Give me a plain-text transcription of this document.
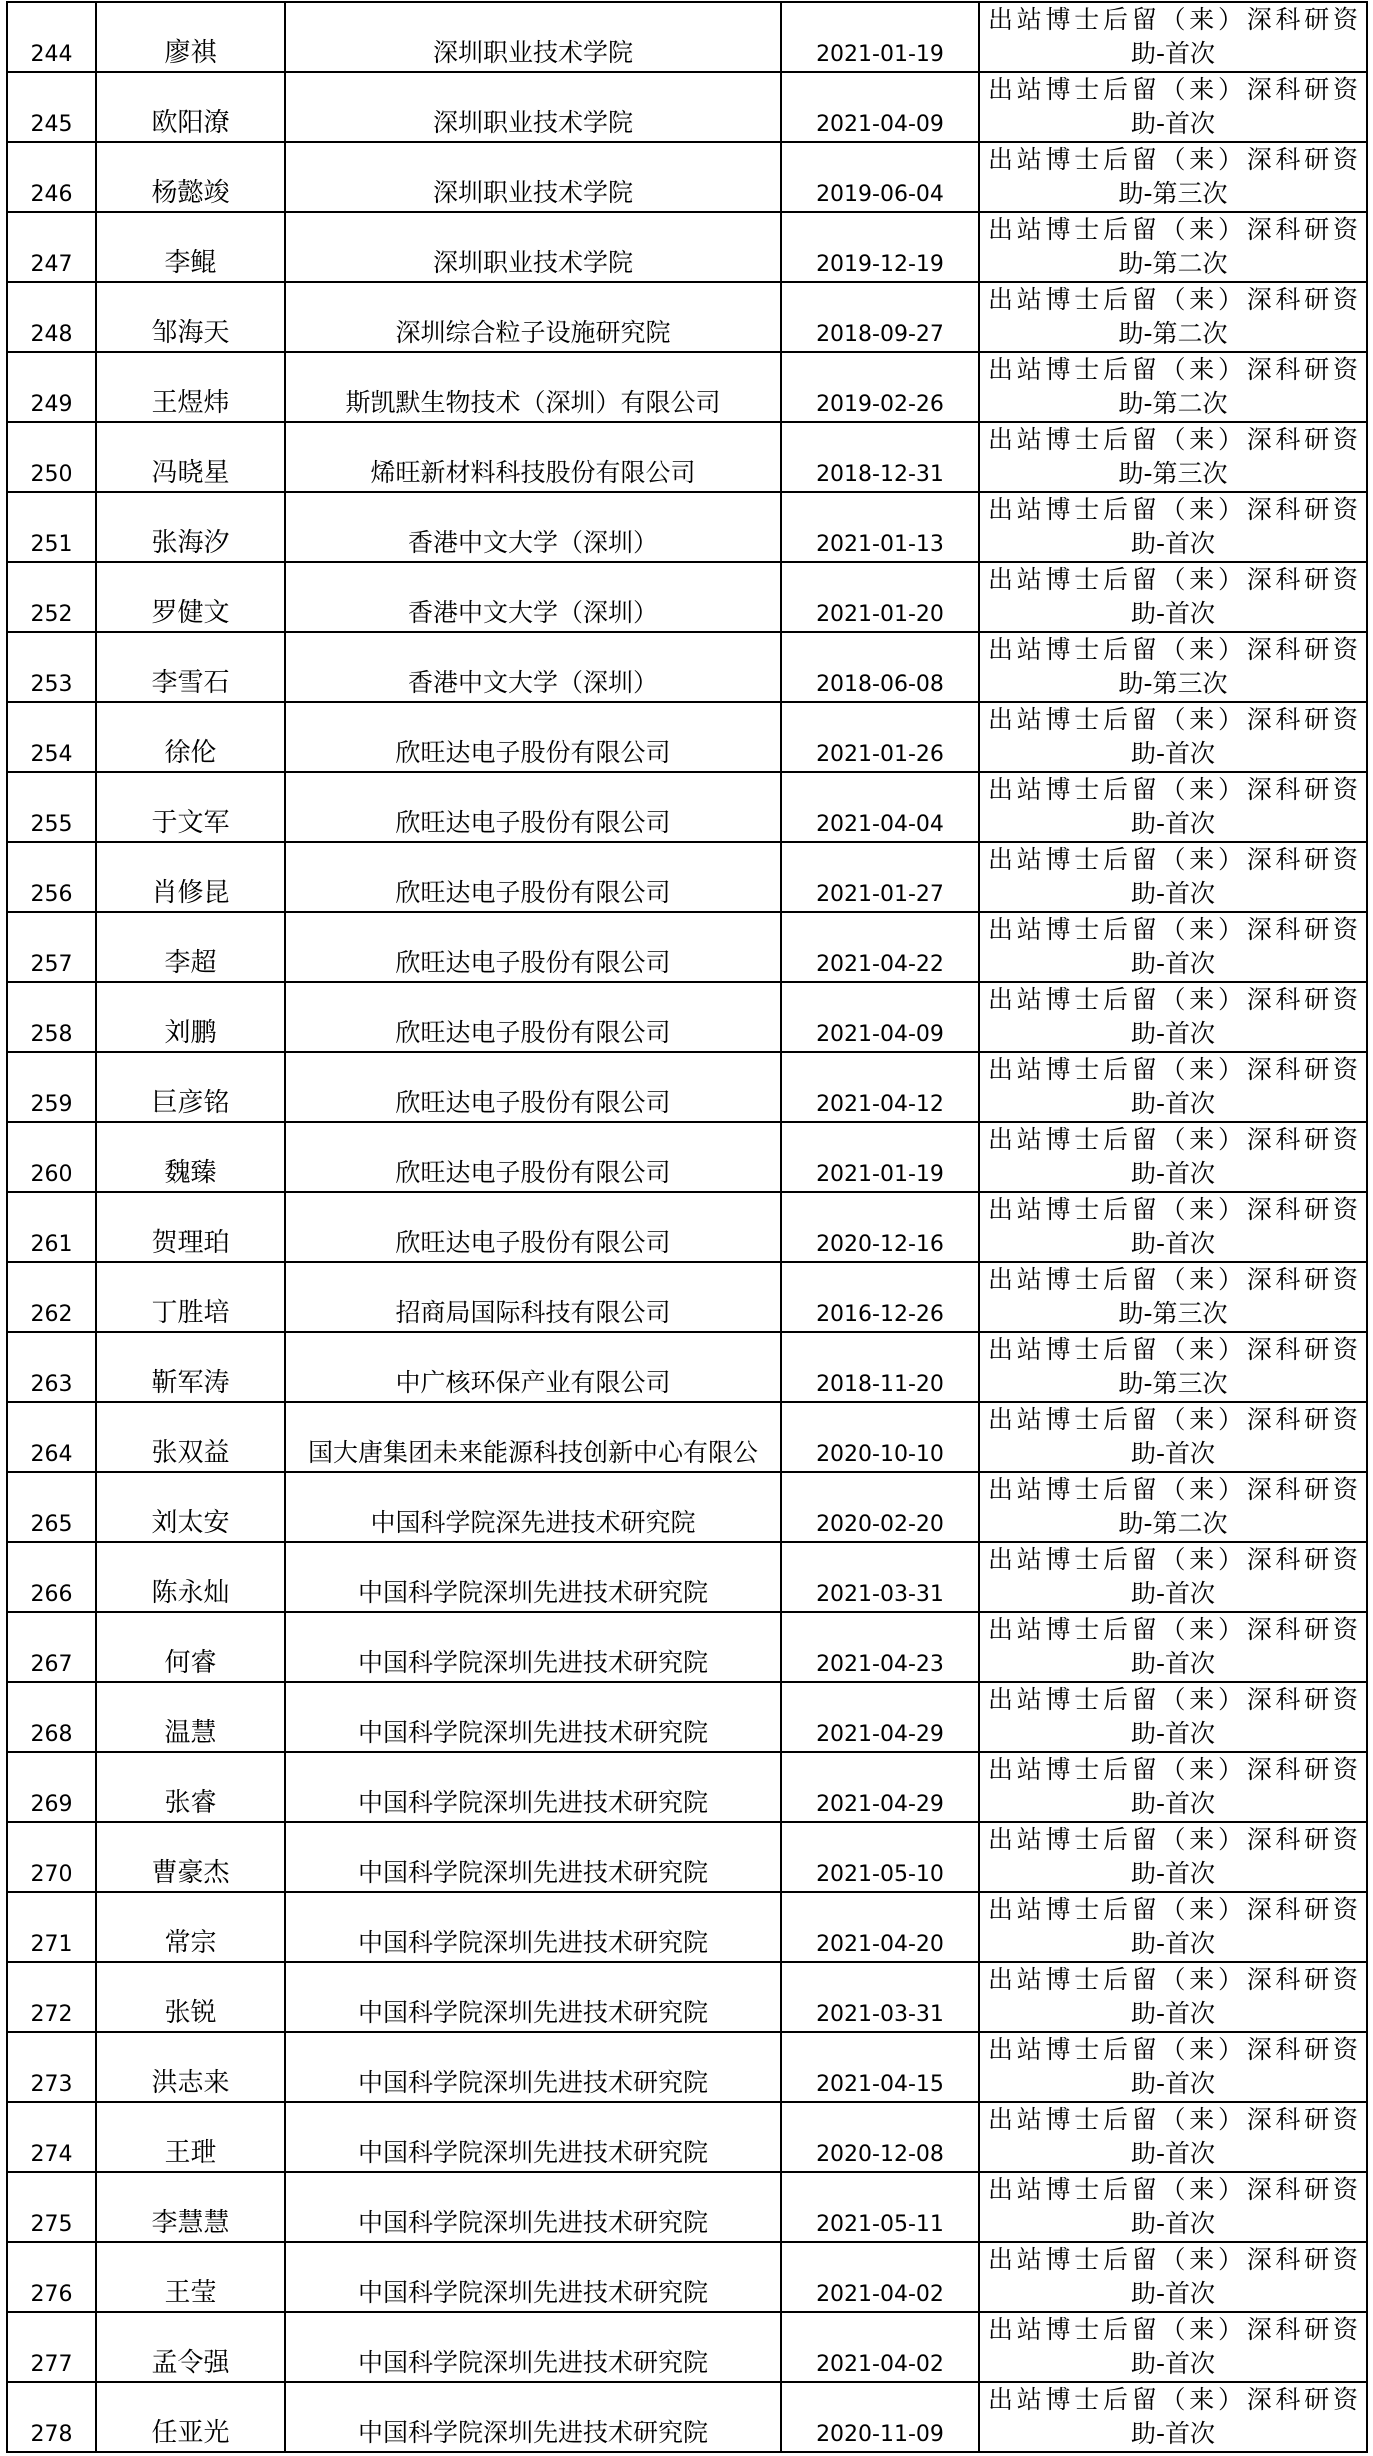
244	廖祺	深圳职业技术学院	2021-01-19	出站博士后留（来）深科研资
助-首次

245	欧阳潦	深圳职业技术学院	2021-04-09	出站博士后留（来）深科研资
助-首次

246	杨懿竣	深圳职业技术学院	2019-06-04	出站博士后留（来）深科研资
助-第三次

247	李鲲	深圳职业技术学院	2019-12-19	出站博士后留（来）深科研资
助-第二次

248	邹海天	深圳综合粒子设施研究院	2018-09-27	出站博士后留（来）深科研资
助-第二次

249	王煜炜	斯凯默生物技术（深圳）有限公司	2019-02-26	出站博士后留（来）深科研资
助-第二次

250	冯晓星	烯旺新材料科技股份有限公司	2018-12-31	出站博士后留（来）深科研资
助-第三次

251	张海汐	香港中文大学（深圳）	2021-01-13	出站博士后留（来）深科研资
助-首次

252	罗健文	香港中文大学（深圳）	2021-01-20	出站博士后留（来）深科研资
助-首次

253	李雪石	香港中文大学（深圳）	2018-06-08	出站博士后留（来）深科研资
助-第三次

254	徐伦	欣旺达电子股份有限公司	2021-01-26	出站博士后留（来）深科研资
助-首次

255	于文军	欣旺达电子股份有限公司	2021-04-04	出站博士后留（来）深科研资
助-首次

256	肖修昆	欣旺达电子股份有限公司	2021-01-27	出站博士后留（来）深科研资
助-首次

257	李超	欣旺达电子股份有限公司	2021-04-22	出站博士后留（来）深科研资
助-首次

258	刘鹏	欣旺达电子股份有限公司	2021-04-09	出站博士后留（来）深科研资
助-首次

259	巨彦铭	欣旺达电子股份有限公司	2021-04-12	出站博士后留（来）深科研资
助-首次

260	魏臻	欣旺达电子股份有限公司	2021-01-19	出站博士后留（来）深科研资
助-首次

261	贺理珀	欣旺达电子股份有限公司	2020-12-16	出站博士后留（来）深科研资
助-首次

262	丁胜培	招商局国际科技有限公司	2016-12-26	出站博士后留（来）深科研资
助-第三次

263	靳军涛	中广核环保产业有限公司	2018-11-20	出站博士后留（来）深科研资
助-第三次

264	张双益	国大唐集团未来能源科技创新中心有限公	2020-10-10	出站博士后留（来）深科研资
助-首次

265	刘太安	中国科学院深先进技术研究院	2020-02-20	出站博士后留（来）深科研资
助-第二次

266	陈永灿	中国科学院深圳先进技术研究院	2021-03-31	出站博士后留（来）深科研资
助-首次

267	何睿	中国科学院深圳先进技术研究院	2021-04-23	出站博士后留（来）深科研资
助-首次

268	温慧	中国科学院深圳先进技术研究院	2021-04-29	出站博士后留（来）深科研资
助-首次

269	张睿	中国科学院深圳先进技术研究院	2021-04-29	出站博士后留（来）深科研资
助-首次

270	曹豪杰	中国科学院深圳先进技术研究院	2021-05-10	出站博士后留（来）深科研资
助-首次

271	常宗	中国科学院深圳先进技术研究院	2021-04-20	出站博士后留（来）深科研资
助-首次

272	张锐	中国科学院深圳先进技术研究院	2021-03-31	出站博士后留（来）深科研资
助-首次

273	洪志来	中国科学院深圳先进技术研究院	2021-04-15	出站博士后留（来）深科研资
助-首次

274	王玴	中国科学院深圳先进技术研究院	2020-12-08	出站博士后留（来）深科研资
助-首次

275	李慧慧	中国科学院深圳先进技术研究院	2021-05-11	出站博士后留（来）深科研资
助-首次

276	王莹	中国科学院深圳先进技术研究院	2021-04-02	出站博士后留（来）深科研资
助-首次

277	孟令强	中国科学院深圳先进技术研究院	2021-04-02	出站博士后留（来）深科研资
助-首次

278	任亚光	中国科学院深圳先进技术研究院	2020-11-09	出站博士后留（来）深科研资
助-首次
